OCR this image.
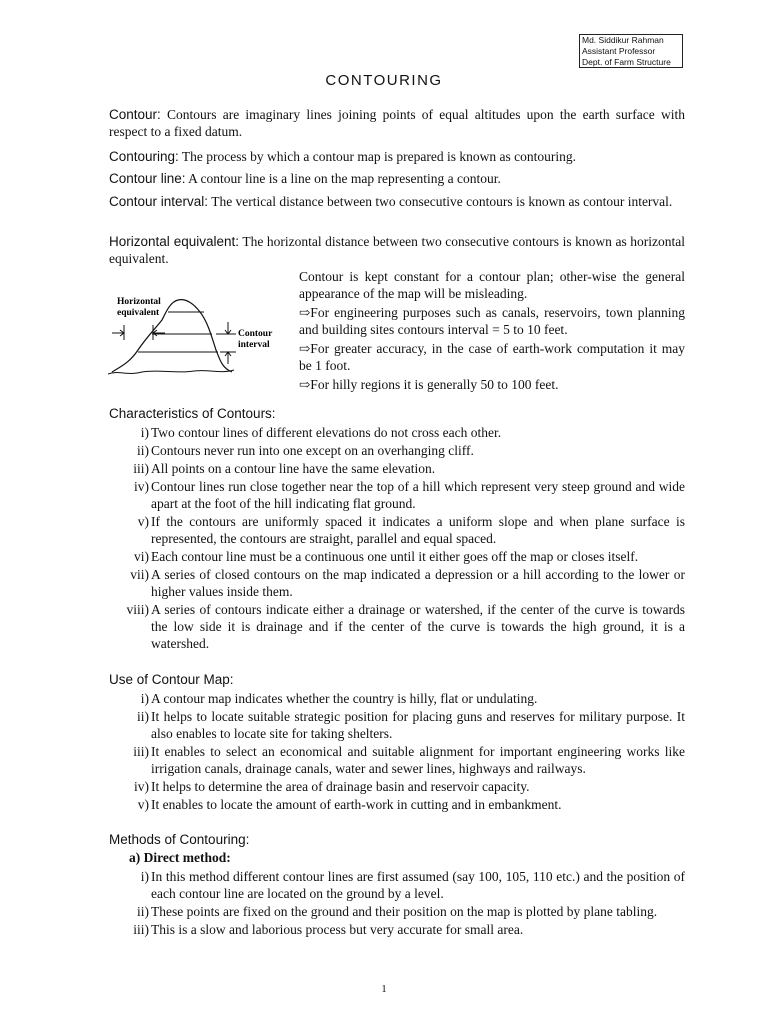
Md. Siddikur Rahman
Assistant Professor
Dept. of Farm Structure
CONTOURING
Contour: Contours are imaginary lines joining points of equal altitudes upon the earth surface with respect to a fixed datum.
Contouring: The process by which a contour map is prepared is known as contouring.
Contour line: A contour line is a line on the map representing a contour.
Contour interval: The vertical distance between two consecutive contours is known as contour interval.
Horizontal equivalent: The horizontal distance between two consecutive contours is known as horizontal equivalent.
Horizontal
equivalent
Contour
interval

Contour is kept constant for a contour plan; other-wise the general appearance of the map will be misleading.

⇨For engineering purposes such as canals, reservoirs, town planning and building sites contours interval = 5 to 10 feet.

⇨For greater accuracy, in the case of earth-work computation it may be 1 foot.

⇨For hilly regions it is generally 50 to 100 feet.

Characteristics of Contours:
i) Two contour lines of different elevations do not cross each other.
ii) Contours never run into one except on an overhanging cliff.
iii) All points on a contour line have the same elevation.
iv) Contour lines run close together near the top of a hill which represent very steep ground and wide apart at the foot of the hill indicating flat ground.
v) If the contours are uniformly spaced it indicates a uniform slope and when plane surface is represented, the contours are straight, parallel and equal spaced.
vi) Each contour line must be a continuous one until it either goes off the map or closes itself.
vii) A series of closed contours on the map indicated a depression or a hill according to the lower or higher values inside them.
viii) A series of contours indicate either a drainage or watershed, if the center of the curve is towards the low side it is drainage and if the center of the curve is towards the high ground, it is a watershed.
Use of Contour Map:
i) A contour map indicates whether the country is hilly, flat or undulating.
ii) It helps to locate suitable strategic position for placing guns and reserves for military purpose. It also enables to locate site for taking shelters.
iii) It enables to select an economical and suitable alignment for important engineering works like irrigation canals, drainage canals, water and sewer lines, highways and railways.
iv) It helps to determine the area of drainage basin and reservoir capacity.
v) It enables to locate the amount of earth-work in cutting and in embankment.
Methods of Contouring:
a) Direct method:
i) In this method different contour lines are first assumed (say 100, 105, 110 etc.) and the position of each contour line are located on the ground by a level.
ii) These points are fixed on the ground and their position on the map is plotted by plane tabling.
iii) This is a slow and laborious process but very accurate for small area.
1
